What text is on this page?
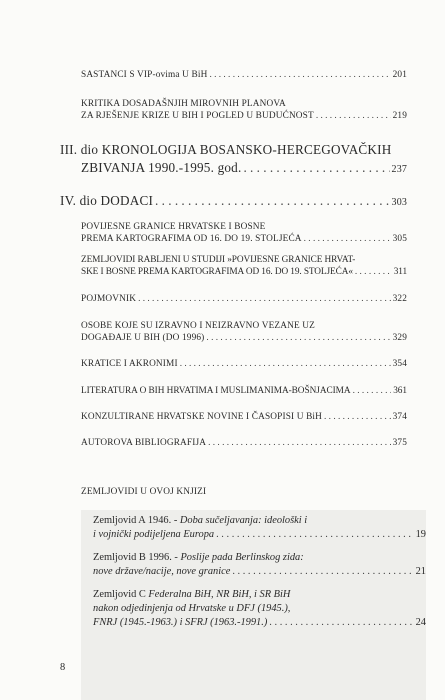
SASTANCI S VIP-ovima U BiH . . .	201
KRITIKA DOSADAŠNJIH MIROVNIH PLANOVA
ZA RJEŠENJE KRIZE U BIH I POGLED U BUDUĆNOST . . .	219
III. dio KRONOLOGIJA BOSANSKO-HERCEGOVAČKIH
ZBIVANJA 1990.-1995. god. . . .	237
IV. dio DODACI . . .	303
POVIJESNE GRANICE HRVATSKE I BOSNE
PREMA KARTOGRAFIMA OD 16. DO 19. STOLJEĆA . . .	305
ZEMLJOVIDI RABLJENI U STUDIJI »POVIJESNE GRANICE HRVAT-
SKE I BOSNE PREMA KARTOGRAFIMA OD 16. DO 19. STOLJEĆA« . . .	311
POJMOVNIK . . .	322
OSOBE KOJE SU IZRAVNO I NEIZRAVNO VEZANE UZ
DOGAĐAJE U BIH (DO 1996) . . .	329
KRATICE I AKRONIMI . . .	354
LITERATURA O BIH HRVATIMA I MUSLIMANIMA-BOŠNJACIMA . . .	361
KONZULTIRANE HRVATSKE NOVINE I ČASOPISI U BiH . . .	374
AUTOROVA BIBLIOGRAFIJA . . .	375
ZEMLJOVIDI U OVOJ KNJIZI
Zemljovid A 1946. - Doba sučeljavanja: ideološki i
i vojnički podijeljena Europa . . .	19
Zemljovid B 1996. - Poslije pada Berlinskog zida:
nove države/nacije, nove granice . . .	21
Zemljovid C Federalna BiH, NR BiH, i SR BiH
nakon odjedinjenja od Hrvatske u DFJ (1945.),
FNRJ (1945.-1963.) i SFRJ (1963.-1991.) . . .	24
8
